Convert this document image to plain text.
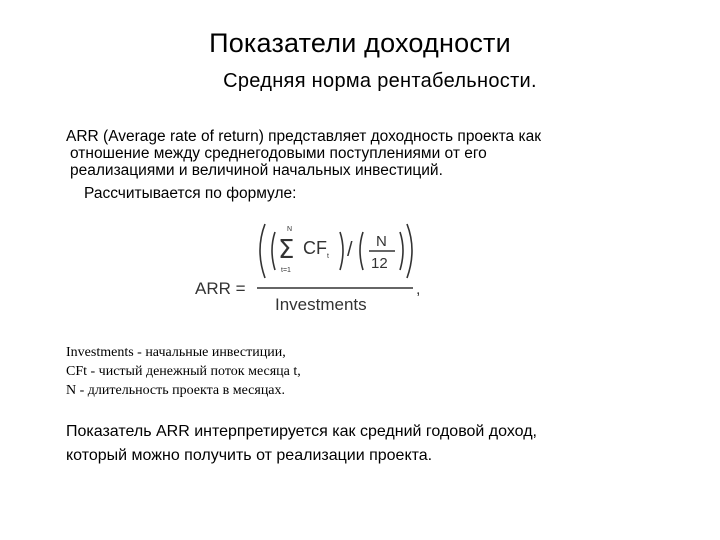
Показатели доходности
Средняя норма рентабельности.
ARR (Average rate of return) представляет доходность проекта как
отношение между среднегодовыми поступлениями от его
реализациями и величиной начальных инвестиций.
Рассчитывается по формуле:
ARR =
N
Σ
t=1
CF t / N
12
Investments
,
Investments - начальные инвестиции,
CFt - чистый денежный поток месяца t,
N - длительность проекта в месяцах.
Показатель ARR интерпретируется как средний годовой доход,
который можно получить от реализации проекта.
